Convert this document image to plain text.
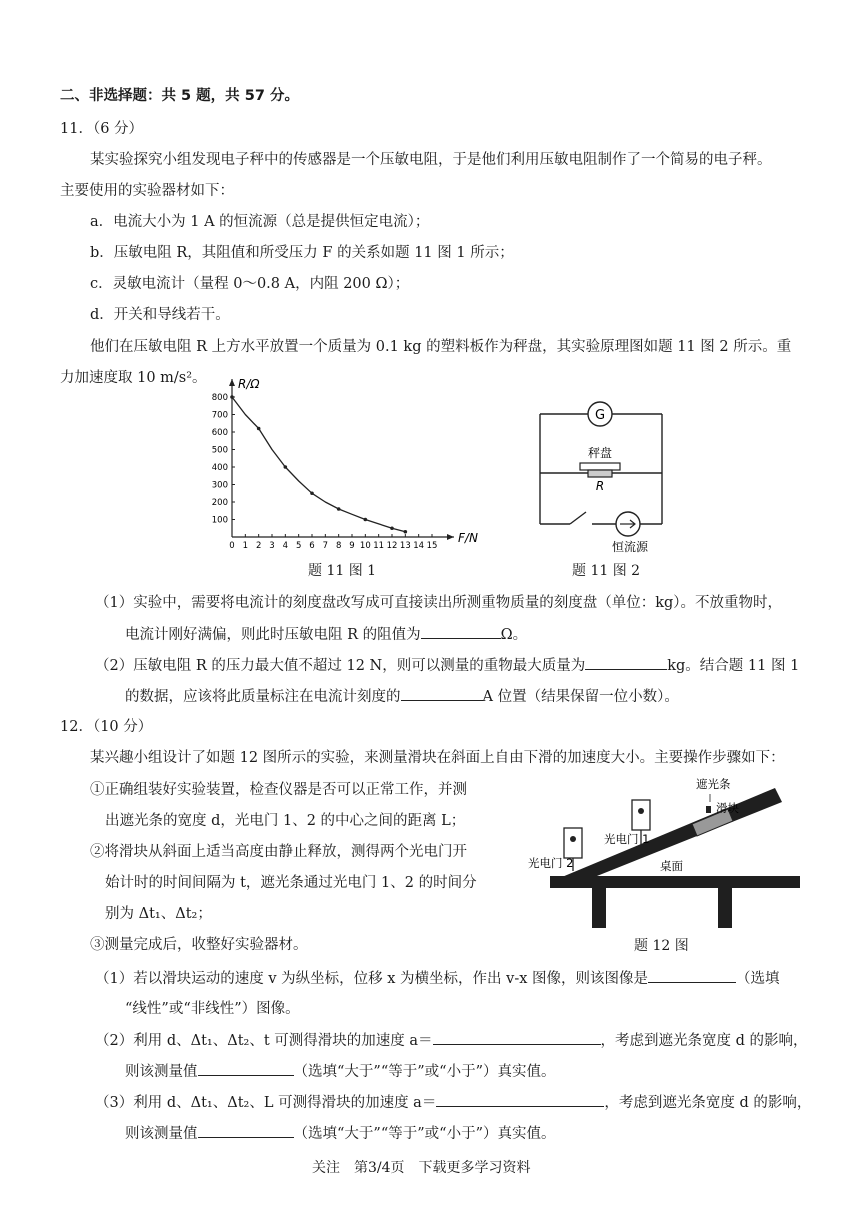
二、非选择题：共 5 题，共 57 分。
11．（6 分）
某实验探究小组发现电子秤中的传感器是一个压敏电阻，于是他们利用压敏电阻制作了一个简易的电子秤。
主要使用的实验器材如下：
a．电流大小为 1 A 的恒流源（总是提供恒定电流）；
b．压敏电阻 R，其阻值和所受压力 F 的关系如题 11 图 1 所示；
c．灵敏电流计（量程 0～0.8 A，内阻 200 Ω）；
d．开关和导线若干。
他们在压敏电阻 R 上方水平放置一个质量为 0.1 kg 的塑料板作为秤盘，其实验原理图如题 11 图 2 所示。重
力加速度取 10 m/s²。
0 1 2 3 4 5 6 7 8 9 10 11 12 13 14 15
100
200
300
400
500
600
700
800
R/Ω
F/N
题 11 图 1
G
秤盘
R
恒流源
题 11 图 2
（1）实验中，需要将电流计的刻度盘改写成可直接读出所测重物质量的刻度盘（单位：kg）。不放重物时，
电流计刚好满偏，则此时压敏电阻 R 的阻值为	Ω。
（2）压敏电阻 R 的压力最大值不超过 12 N，则可以测量的重物最大质量为	kg。结合题 11 图 1
的数据，应该将此质量标注在电流计刻度的	A 位置（结果保留一位小数）。
12．（10 分）
某兴趣小组设计了如题 12 图所示的实验，来测量滑块在斜面上自由下滑的加速度大小。主要操作步骤如下：
①正确组装好实验装置，检查仪器是否可以正常工作，并测
出遮光条的宽度 d，光电门 1、2 的中心之间的距离 L；
②将滑块从斜面上适当高度由静止释放，测得两个光电门开
始计时的时间间隔为 t，遮光条通过光电门 1、2 的时间分
别为 Δt₁、Δt₂；
③测量完成后，收整好实验器材。
遮光条
滑块
光电门 1
光电门 2	桌面
题 12 图
（1）若以滑块运动的速度 v 为纵坐标，位移 x 为横坐标，作出 v-x 图像，则该图像是	（选填
“线性”或“非线性”）图像。
（2）利用 d、Δt₁、Δt₂、t 可测得滑块的加速度 a＝	，考虑到遮光条宽度 d 的影响，
则该测量值	（选填“大于”“等于”或“小于”）真实值。
（3）利用 d、Δt₁、Δt₂、L 可测得滑块的加速度 a＝	，考虑到遮光条宽度 d 的影响，
则该测量值	（选填“大于”“等于”或“小于”）真实值。
关注　第3/4页　下载更多学习资料
